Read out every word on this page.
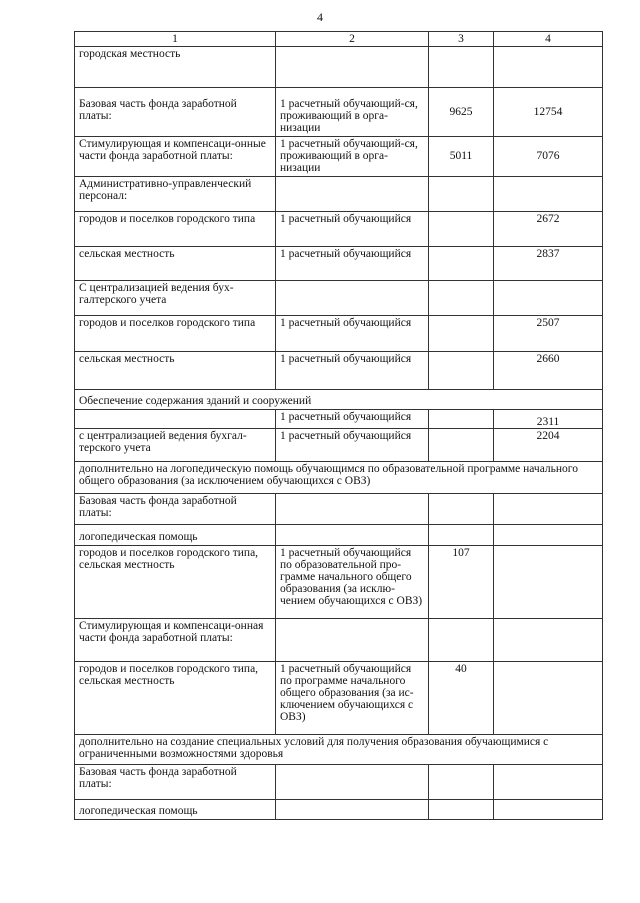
4
1	2	3	4
городская местность			
Базовая часть фонда заработной платы:	1 расчетный обучающий-ся, проживающий в орга-низации	9625	12754
Стимулирующая и компенсаци-онные части фонда заработной платы:	1 расчетный обучающий-ся, проживающий в орга-низации	5011	7076
Административно-управленческий персонал:			
городов и поселков городского типа	1 расчетный обучающийся		2672
сельская местность	1 расчетный обучающийся		2837
С централизацией ведения бух-галтерского учета			
городов и поселков городского типа	1 расчетный обучающийся		2507
сельская местность	1 расчетный обучающийся		2660
Обеспечение содержания зданий и сооружений			
	1 расчетный обучающийся		2311
с централизацией ведения бухгал-терского учета	1 расчетный обучающийся		2204
дополнительно на логопедическую помощь обучающимся по образовательной программе начального общего образования (за исключением обучающихся с ОВЗ)			
Базовая часть фонда заработной платы:			
логопедическая помощь			
городов и поселков городского типа, сельская местность	1 расчетный обучающийся по образовательной про-грамме начального общего образования (за исклю-чением обучающихся с ОВЗ)	107	
Стимулирующая и компенсаци-онная части фонда заработной платы:			
городов и поселков городского типа, сельская местность	1 расчетный обучающийся по программе начального общего образования (за ис-ключением обучающихся с ОВЗ)	40	
дополнительно на создание специальных условий для получения образования обучающимися с ограниченными возможностями здоровья			
Базовая часть фонда заработной платы:			
логопедическая помощь			
